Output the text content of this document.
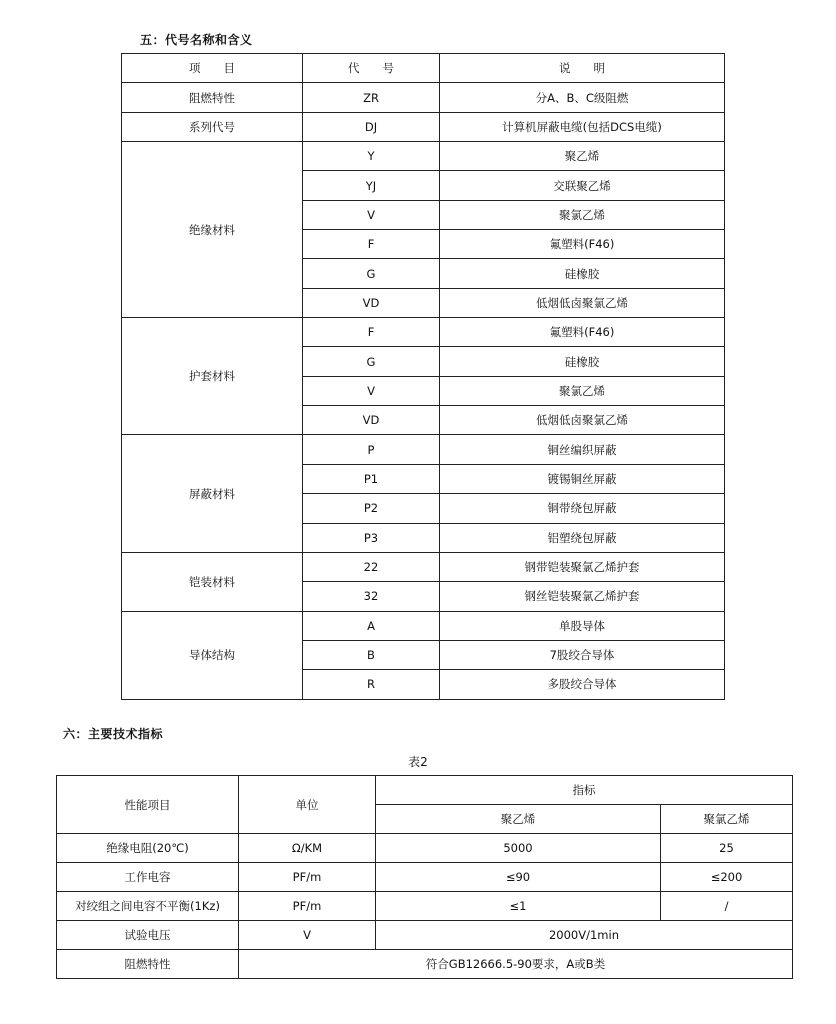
五：代号名称和含义
项　　目	代　　号	说　　明
阻燃特性	ZR	分A、B、C级阻燃
系列代号	DJ	计算机屏蔽电缆(包括DCS电缆)
绝缘材料	Y	聚乙烯
	YJ	交联聚乙烯
	V	聚氯乙烯
	F	氟塑料(F46)
	G	硅橡胶
	VD	低烟低卤聚氯乙烯
护套材料	F	氟塑料(F46)
	G	硅橡胶
	V	聚氯乙烯
	VD	低烟低卤聚氯乙烯
屏蔽材料	P	铜丝编织屏蔽
	P1	镀锡铜丝屏蔽
	P2	铜带绕包屏蔽
	P3	铝塑绕包屏蔽
铠装材料	22	钢带铠装聚氯乙烯护套
	32	钢丝铠装聚氯乙烯护套
导体结构	A	单股导体
	B	7股绞合导体
	R	多股绞合导体
六：主要技术指标
表2
性能项目	单位	指标	
		聚乙烯	聚氯乙烯
绝缘电阻(20℃)	Ω/KM	5000	25
工作电容	PF/m	≤90	≤200
对绞组之间电容不平衡(1Kz)	PF/m	≤1	/
试验电压	V	2000V/1min	
阻燃特性	符合GB12666.5-90要求，A或B类		
